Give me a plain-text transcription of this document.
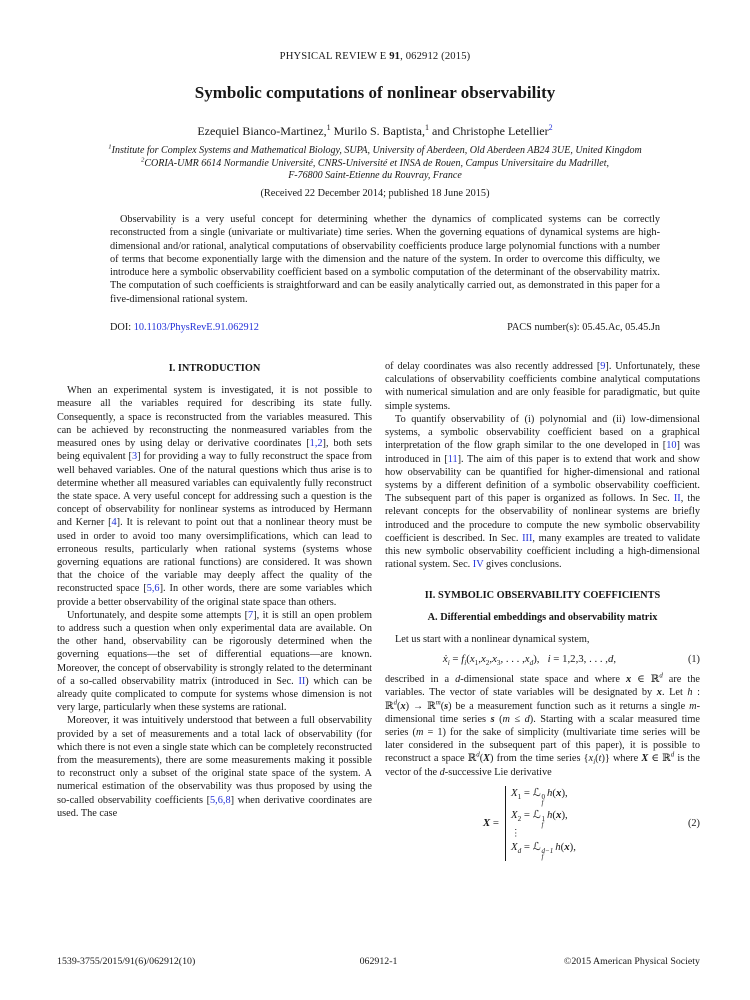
PHYSICAL REVIEW E 91, 062912 (2015)
Symbolic computations of nonlinear observability
Ezequiel Bianco-Martinez,$^1$ Murilo S. Baptista,$^1$ and Christophe Letellier$^2$
$^1$Institute for Complex Systems and Mathematical Biology, SUPA, University of Aberdeen, Old Aberdeen AB24 3UE, United Kingdom
$^2$CORIA-UMR 6614 Normandie Université, CNRS-Université et INSA de Rouen, Campus Universitaire du Madrillet,
F-76800 Saint-Etienne du Rouvray, France
(Received 22 December 2014; published 18 June 2015)
Observability is a very useful concept for determining whether the dynamics of complicated systems can be correctly reconstructed from a single (univariate or multivariate) time series. When the governing equations of dynamical systems are high-dimensional and/or rational, analytical computations of observability coefficients produce large polynomial functions with a number of terms that become exponentially large with the dimension and the nature of the system. In order to overcome this difficulty, we introduce here a symbolic observability coefficient based on a symbolic computation of the determinant of the observability matrix. The computation of such coefficients is straightforward and can be easily analytically carried out, as demonstrated in this paper for a five-dimensional rational system.
DOI: 10.1103/PhysRevE.91.062912	PACS number(s): 05.45.Ac, 05.45.Jn
I. INTRODUCTION

When an experimental system is investigated, it is not possible to measure all the variables required for describing its state fully. Consequently, a space is reconstructed from the variables measured. This can be achieved by reconstructing the nonmeasured variables from the measured ones by using delay or derivative coordinates [1,2], both sets being equivalent [3] for providing a way to fully reconstruct the space from well behaved variables. One of the natural questions which thus arise is to determine whether all measured variables can equivalently fully reconstruct the state space. A very useful concept for addressing such a question is the concept of observability for nonlinear systems as introduced by Hermann and Kerner [4]. It is relevant to point out that a nonlinear theory must be used in order to avoid too many oversimplifications, which can lead to erroneous results, particularly when rational systems (systems whose governing equations are rational functions) are considered. It was shown that the choice of the variable may deeply affect the quality of the reconstructed space [5,6]. In other words, there are some variables which provide a better observability of the original state space than others.

Unfortunately, and despite some attempts [7], it is still an open problem to address such a question when only experimental data are available. On the other hand, observability can be rigorously determined when the governing equations—the set of differential equations—are known. Moreover, the concept of observability is strongly related to the determinant of a so-called observability matrix (introduced in Sec. II) which can be already quite complicated to compute for systems whose dimension is not very large, particularly when these systems are rational.

Moreover, it was intuitively understood that between a full observability provided by a set of measurements and a total lack of observability (for which there is not even a single state which can be completely reconstructed from the measurements), there are some measurements making it possible to reconstruct only a subset of the original state space of the system. A numerical estimation of the observability was thus proposed by using the so-called observability coefficients [5,6,8] when derivative coordinates are used. The case

of delay coordinates was also recently addressed [9]. Unfortunately, these calculations of observability coefficients combine analytical computations with numerical simulation and are only feasible for paradigmatic, but quite simple systems.

To quantify observability of (i) polynomial and (ii) low-dimensional systems, a symbolic observability coefficient based on a graphical interpretation of the flow graph similar to the one developed in [10] was introduced in [11]. The aim of this paper is to extend that work and show how observability can be quantified for higher-dimensional and rational systems by a different definition of a symbolic observability coefficient. The subsequent part of this paper is organized as follows. In Sec. II, the relevant concepts for the observability of nonlinear systems are briefly introduced and the procedure to compute the new symbolic observability coefficient is described. In Sec. III, many examples are treated to validate this new symbolic observability coefficient including a high-dimensional rational system. Sec. IV gives conclusions.

II. SYMBOLIC OBSERVABILITY COEFFICIENTS
A. Differential embeddings and observability matrix

Let us start with a nonlinear dynamical system,

ẋ$_i$ = $f_i(x_1,x_2,x_3$, . . . $,x_d$), i = 1,2,3, . . . ,d,	(1)

described in a d-dimensional state space and where x ∈ ℝ$^d$ are the variables. The vector of state variables will be designated by x. Let h : ℝ$^d$(x) → ℝ$^m$(s) be a measurement function such as it returns a single m-dimensional time series s (m ≤ d). Starting with a scalar measured time series (m = 1) for the sake of simplicity (multivariate time series will be later considered in the subsequent part of this paper), it is possible to reconstruct a space ℝ$^d$(X) from the time series $\{x_i(t)\}$ where X ∈ ℝ$^d$ is the vector of the d-successive Lie derivative

X =
$X_1$ = ℒ 0
f
h(x),
$X_2$ = ℒ 1
f
h(x),
⋮
$X_d$ = ℒ d−1
f
h(x),
(2)
1539-3755/2015/91(6)/062912(10)	062912-1	©2015 American Physical Society
